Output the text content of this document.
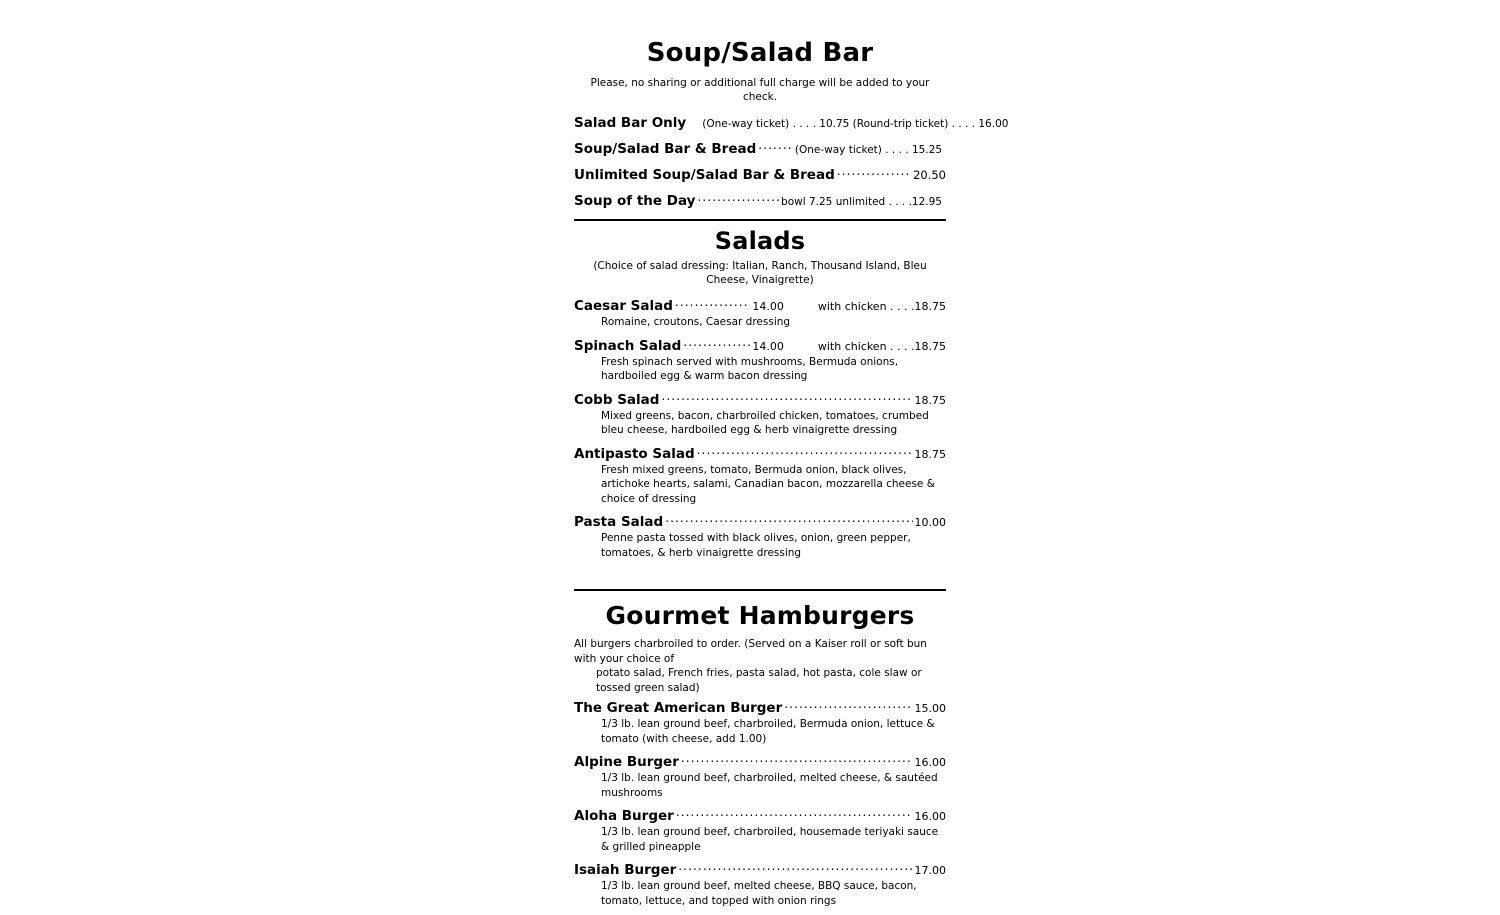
Soup/Salad Bar
Please, no sharing or additional full charge will be added to your check.
Salad Bar Only (One-way ticket) . . . . 10.75 (Round-trip ticket) . . . . 16.00
Soup/Salad Bar & Bread .....	(One-way ticket) . . . . 15.25
Unlimited Soup/Salad Bar & Bread .....	20.50
Soup of the Day .....	bowl 7.25 unlimited . . . .12.95
Salads
(Choice of salad dressing: Italian, Ranch, Thousand Island, Bleu Cheese, Vinaigrette)
Caesar Salad .....	14.00	with chicken . . . .18.75
Romaine, croutons, Caesar dressing
Spinach Salad .....	14.00	with chicken . . . .18.75
Fresh spinach served with mushrooms, Bermuda onions, hardboiled egg & warm bacon dressing
Cobb Salad .....	18.75
Mixed greens, bacon, charbroiled chicken, tomatoes, crumbed bleu cheese, hardboiled egg & herb vinaigrette dressing
Antipasto Salad .....	18.75
Fresh mixed greens, tomato, Bermuda onion, black olives, artichoke hearts, salami, Canadian bacon, mozzarella cheese & choice of dressing
Pasta Salad .....	10.00
Penne pasta tossed with black olives, onion, green pepper, tomatoes, & herb vinaigrette dressing
Gourmet Hamburgers
All burgers charbroiled to order. (Served on a Kaiser roll or soft bun with your choice of
potato salad, French fries, pasta salad, hot pasta, cole slaw or tossed green salad)
The Great American Burger .....	15.00
1/3 lb. lean ground beef, charbroiled, Bermuda onion, lettuce & tomato (with cheese, add 1.00)
Alpine Burger .....	16.00
1/3 lb. lean ground beef, charbroiled, melted cheese, & sautéed mushrooms
Aloha Burger .....	16.00
1/3 lb. lean ground beef, charbroiled, housemade teriyaki sauce & grilled pineapple
Isaiah Burger .....	17.00
1/3 lb. lean ground beef, melted cheese, BBQ sauce, bacon, tomato, lettuce, and topped with onion rings
